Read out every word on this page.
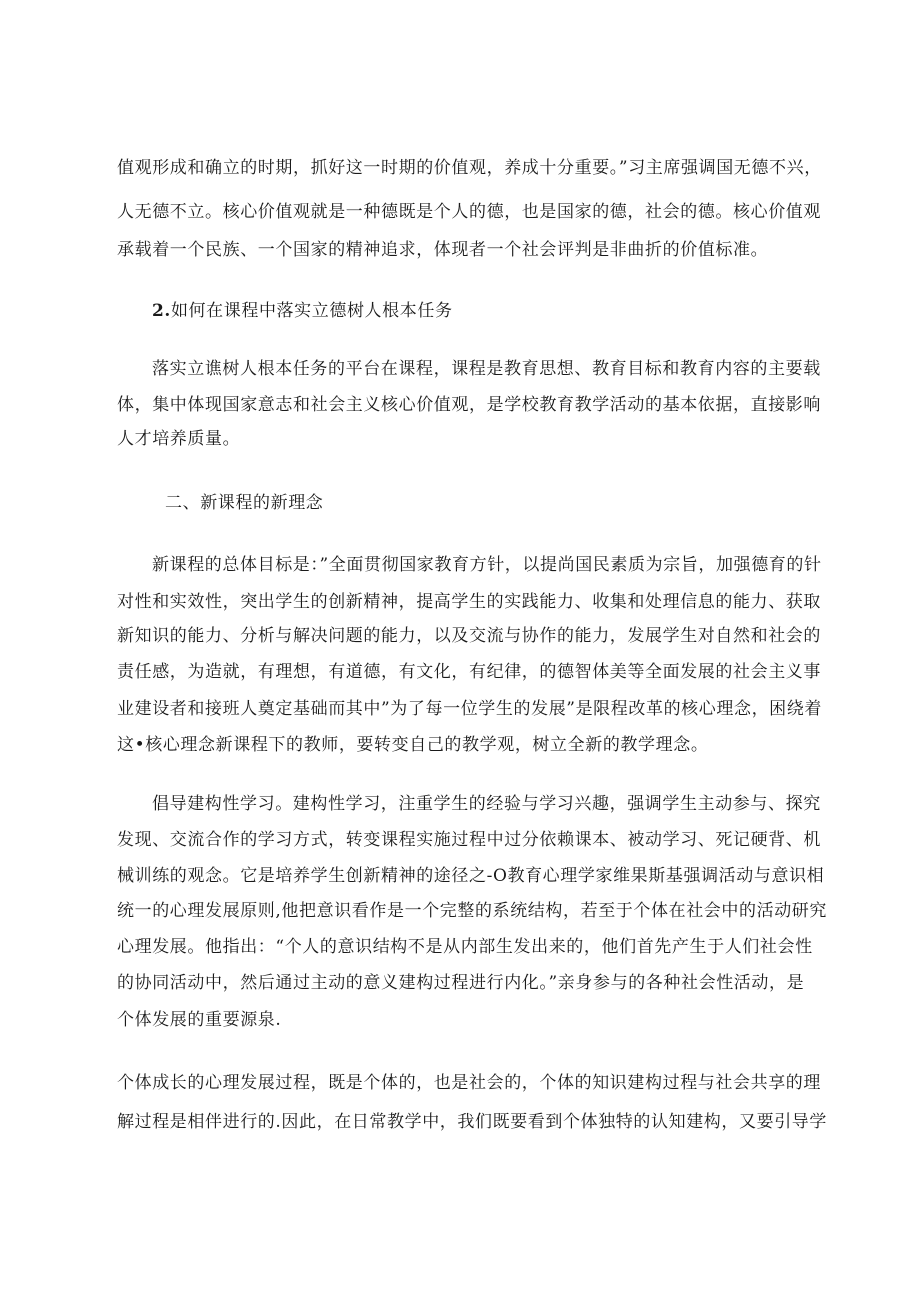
值观形成和确立的时期，抓好这一时期的价值观，养成十分重要。”习主席强调国无德不兴，

人无德不立。核心价值观就是一种德既是个人的德，也是国家的德，社会的德。核心价值观

承载着一个民族、一个国家的精神追求，体现者一个社会评判是非曲折的价值标准。

2.如何在课程中落实立德树人根本任务

落实立谯树人根本任务的平台在课程，课程是教育思想、教育目标和教育内容的主要载

体，集中体现国家意志和社会主义核心价值观，是学校教育教学活动的基本依据，直接影响

人才培养质量。

二、新课程的新理念

新课程的总体目标是：”全面贯彻国家教育方针，以提尚国民素质为宗旨，加强德育的针

对性和实效性，突出学生的创新精神，提高学生的实践能力、收集和处理信息的能力、获取

新知识的能力、分析与解决问题的能力，以及交流与协作的能力，发展学生对自然和社会的

责任感，为造就，有理想，有道德，有文化，有纪律，的德智体美等全面发展的社会主义事

业建设者和接班人奠定基础而其中”为了每一位学生的发展”是限程改革的核心理念，困绕着

这•核心理念新课程下的教师，要转变自己的教学观，树立全新的教学理念。

倡导建构性学习。建构性学习，注重学生的经验与学习兴趣，强调学生主动参与、探究

发现、交流合作的学习方式，转变课程实施过程中过分依赖课本、被动学习、死记硬背、机

械训练的观念。它是培养学生创新精神的途径之-O教育心理学家维果斯基强调活动与意识相

统一的心理发展原则,他把意识看作是一个完整的系统结构，若至于个体在社会中的活动研究

心理发展。他指出：“个人的意识结构不是从内部生发出来的，他们首先产生于人们社会性

的协同活动中，然后通过主动的意义建构过程进行内化。”亲身参与的各种社会性活动，是

个体发展的重要源泉.

个体成长的心理发展过程，既是个体的，也是社会的，个体的知识建构过程与社会共享的理

解过程是相伴进行的.因此，在日常教学中，我们既要看到个体独特的认知建构，又要引导学
